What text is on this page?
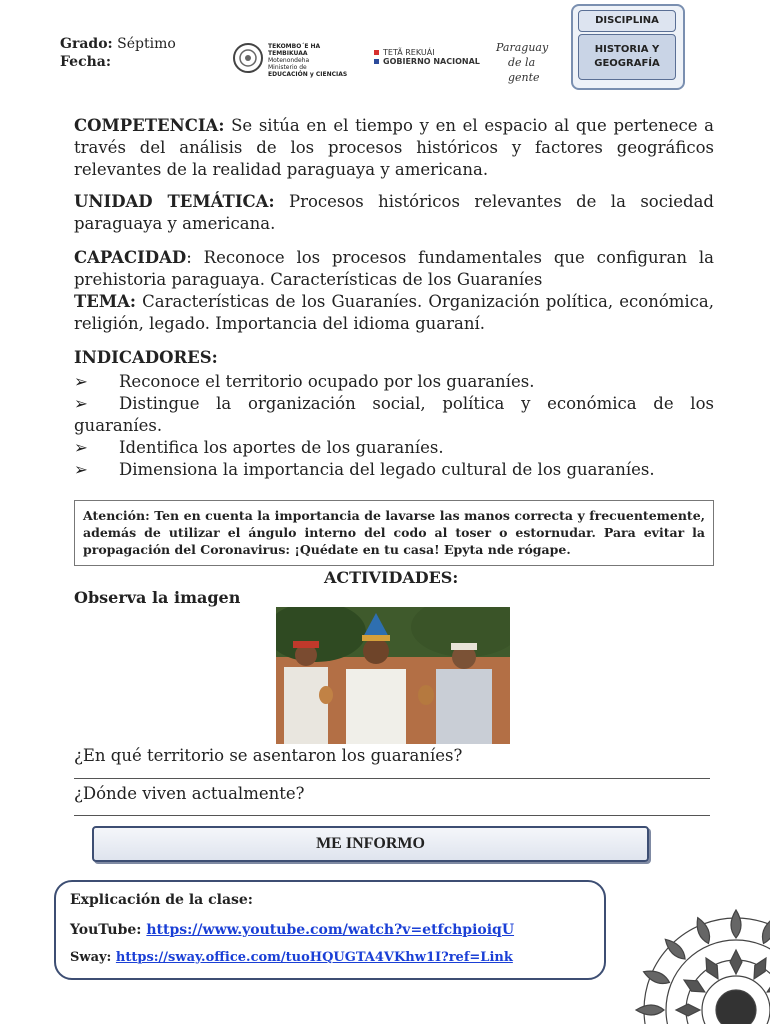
Grado: Séptimo
Fecha:
TEKOMBO´E HA TEMBIKUAA
Motenondeha
Ministerio de
EDUCACIÓN y CIENCIAS
TETÃ REKUÁI
GOBIERNO NACIONAL
Paraguay
de la gente
DISCIPLINA
HISTORIA Y
GEOGRAFÍA
COMPETENCIA: Se sitúa en el tiempo y en el espacio al que pertenece a través del análisis de los procesos históricos y factores geográficos relevantes de la realidad paraguaya y americana.
UNIDAD TEMÁTICA: Procesos históricos relevantes de la sociedad paraguaya y americana.
CAPACIDAD: Reconoce los procesos fundamentales que configuran la prehistoria paraguaya. Características de los Guaraníes
TEMA: Características de los Guaraníes. Organización política, económica, religión, legado. Importancia del idioma guaraní.
INDICADORES:
➢	Reconoce el territorio ocupado por los guaraníes.
➢	Distingue la organización social, política y económica de los guaraníes.
➢	Identifica los aportes de los guaraníes.
➢	Dimensiona la importancia del legado cultural de los guaraníes.
Atención: Ten en cuenta la importancia de lavarse las manos correcta y frecuentemente, además de utilizar el ángulo interno del codo al toser o estornudar. Para evitar la propagación del Coronavirus: ¡Quédate en tu casa! Epyta nde rógape.
ACTIVIDADES:
Observa la imagen
¿En qué territorio se asentaron los guaraníes?
¿Dónde viven actualmente?
ME INFORMO
Explicación de la clase:
YouTube: https://www.youtube.com/watch?v=etfchpioiqU
Sway: https://sway.office.com/tuoHQUGTA4VKhw1I?ref=Link
